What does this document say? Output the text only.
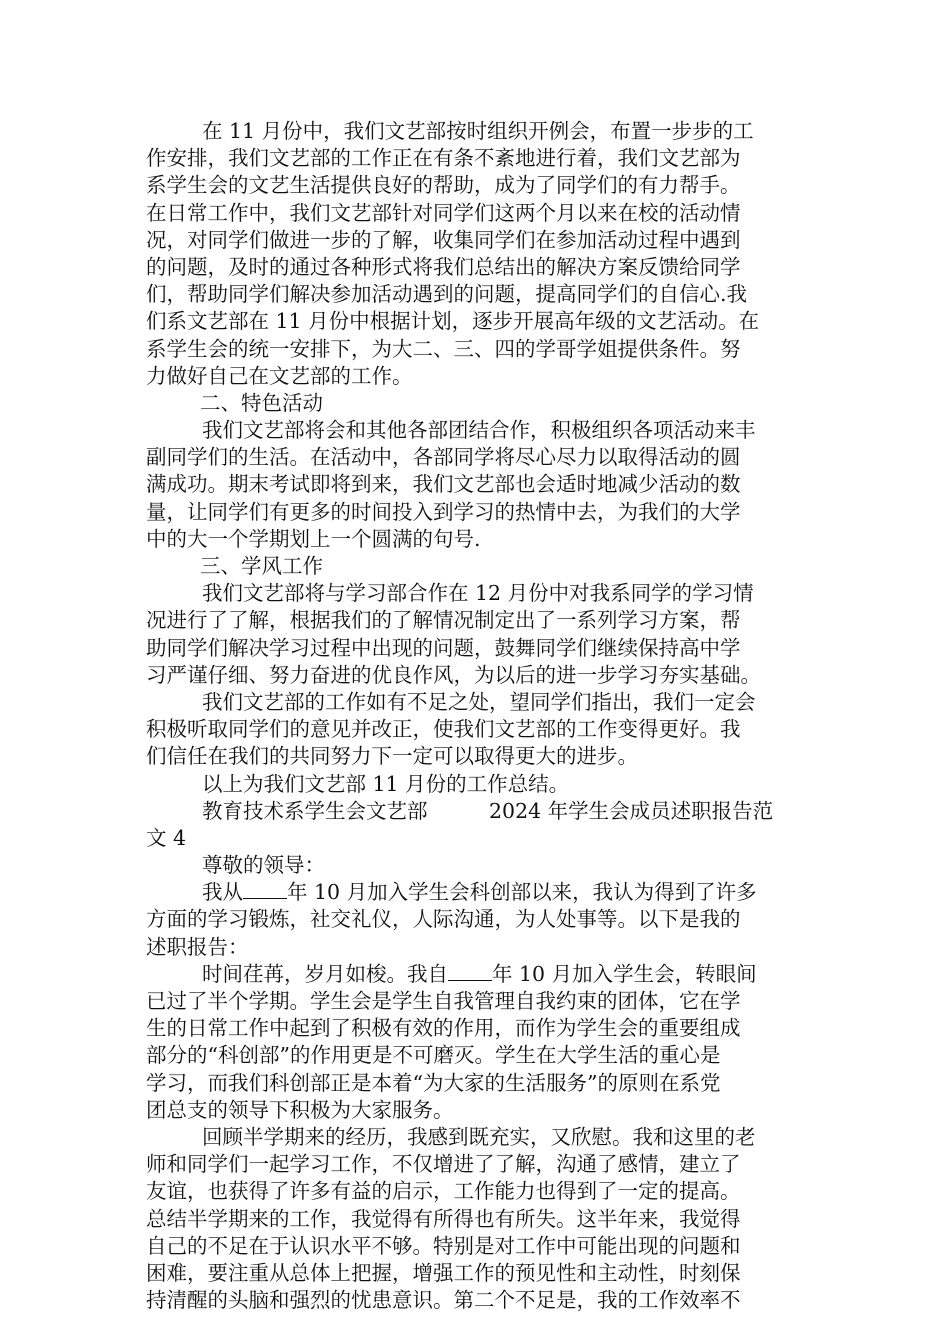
在 11 月份中，我们文艺部按时组织开例会，布置一步步的工
作安排，我们文艺部的工作正在有条不紊地进行着，我们文艺部为
系学生会的文艺生活提供良好的帮助，成为了同学们的有力帮手。
在日常工作中，我们文艺部针对同学们这两个月以来在校的活动情
况，对同学们做进一步的了解，收集同学们在参加活动过程中遇到
的问题，及时的通过各种形式将我们总结出的解决方案反馈给同学
们，帮助同学们解决参加活动遇到的问题，提高同学们的自信心.我
们系文艺部在 11 月份中根据计划，逐步开展高年级的文艺活动。在
系学生会的统一安排下，为大二、三、四的学哥学姐提供条件。努
力做好自己在文艺部的工作。
二、特色活动
我们文艺部将会和其他各部团结合作，积极组织各项活动来丰
副同学们的生活。在活动中，各部同学将尽心尽力以取得活动的圆
满成功。期末考试即将到来，我们文艺部也会适时地减少活动的数
量，让同学们有更多的时间投入到学习的热情中去，为我们的大学
中的大一个学期划上一个圆满的句号.
三、学风工作
我们文艺部将与学习部合作在 12 月份中对我系同学的学习情
况进行了了解，根据我们的了解情况制定出了一系列学习方案，帮
助同学们解决学习过程中出现的问题，鼓舞同学们继续保持高中学
习严谨仔细、努力奋进的优良作风，为以后的进一步学习夯实基础。
我们文艺部的工作如有不足之处，望同学们指出，我们一定会
积极听取同学们的意见并改正，使我们文艺部的工作变得更好。我
们信任在我们的共同努力下一定可以取得更大的进步。
以上为我们文艺部 11 月份的工作总结。
教育技术系学生会文艺部　　　2024 年学生会成员述职报告范
文 4
尊敬的领导：
我从 年 10 月加入学生会科创部以来，我认为得到了许多
方面的学习锻炼，社交礼仪，人际沟通，为人处事等。以下是我的
述职报告：
时间荏苒，岁月如梭。我自 年 10 月加入学生会，转眼间
已过了半个学期。学生会是学生自我管理自我约束的团体，它在学
生的日常工作中起到了积极有效的作用，而作为学生会的重要组成
部分的“科创部”的作用更是不可磨灭。学生在大学生活的重心是
学习，而我们科创部正是本着“为大家的生活服务”的原则在系党
团总支的领导下积极为大家服务。
回顾半学期来的经历，我感到既充实，又欣慰。我和这里的老
师和同学们一起学习工作，不仅增进了了解，沟通了感情，建立了
友谊，也获得了许多有益的启示，工作能力也得到了一定的提高。
总结半学期来的工作，我觉得有所得也有所失。这半年来，我觉得
自己的不足在于认识水平不够。特别是对工作中可能出现的问题和
困难，要注重从总体上把握，增强工作的预见性和主动性，时刻保
持清醒的头脑和强烈的忧患意识。第二个不足是，我的工作效率不
